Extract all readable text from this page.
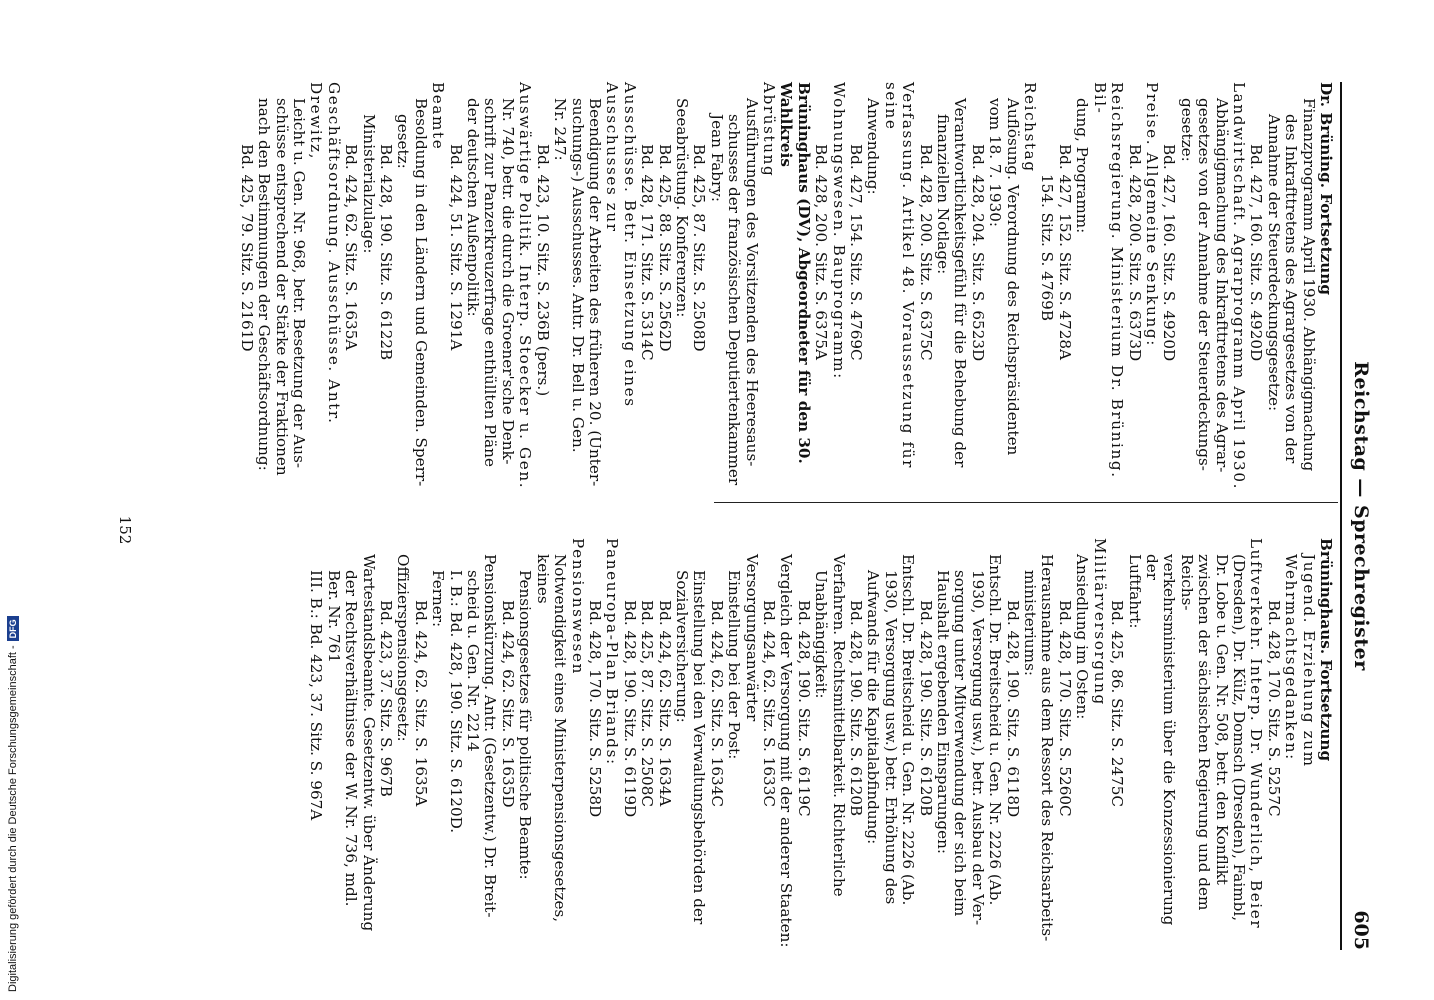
Digitalisierung gefördert durch die Deutsche Forschungsgemeinschaft -DFG	Reichstag — Sprechregister
605

Dr. Brüning. Fortsetzung

Finanzprogramm April 1930. Abhängigmachung

des Inkrafttretens des Agrargesetzes von der

Annahme der Steuerdeckungsgesetze:

Bd. 427, 160. Sitz. S. 4920D

Landwirtschaft. Agrarprogramm April 1930.

Abhängigmachung des Inkrafttretens des Agrar-

gesetzes von der Annahme der Steuerdeckungs-

gesetze:

Bd. 427, 160. Sitz. S. 4920D

Preise. Allgemeine Senkung:

Bd. 428, 200. Sitz. S. 6373D

Reichsregierung. Ministerium Dr. Brüning. Bil-

dung, Programm:

Bd. 427, 152. Sitz. S. 4728A

154. Sitz. S. 4769B

Reichstag

Auflösung. Verordnung des Reichspräsidenten

vom 18. 7. 1930:

Bd. 428, 204. Sitz. S. 6523D

Verantwortlichkeitsgefühl für die Behebung der

finanziellen Notlage:

Bd. 428, 200. Sitz. S. 6375C

Verfassung. Artikel 48. Voraussetzung für seine

Anwendung:

Bd. 427, 154. Sitz. S. 4769C

Wohnungswesen. Bauprogramm:

Bd. 428, 200. Sitz. S. 6375A

Brüninghaus (DV), Abgeordneter für den 30. Wahlkreis

Abrüstung

Ausführungen des Vorsitzenden des Heeresaus-

schusses der französischen Deputiertenkammer

Jean Fabry:

Bd. 425, 87. Sitz. S. 2508D

Seeabrüstung. Konferenzen:

Bd. 425, 88. Sitz. S. 2562D

Bd. 428, 171. Sitz. S. 5314C

Ausschüsse. Betr. Einsetzung eines Ausschusses zur

Beendigung der Arbeiten des früheren 20. (Unter-

suchungs-) Ausschusses. Antr. Dr. Bell u. Gen.

Nr. 247:

Bd. 423, 10. Sitz. S. 236B (pers.)

Auswärtige Politik. Interp. Stoecker u. Gen.

Nr. 740, betr. die durch die Groener'sche Denk-

schrift zur Panzerkreuzerfrage enthüllten Pläne

der deutschen Außenpolitik:

Bd. 424, 51. Sitz. S. 1291A

Beamte

Besoldung in den Ländern und Gemeinden. Sperr-

gesetz:

Bd. 428, 190. Sitz. S. 6122B

Ministerialzulage:

Bd. 424, 62. Sitz. S. 1635A

Geschäftsordnung. Ausschüsse. Antr. Drewitz,

Leicht u. Gen. Nr. 968, betr. Besetzung der Aus-

schüsse entsprechend der Stärke der Fraktionen

nach den Bestimmungen der Geschäftsordnung:

Bd. 425, 79. Sitz. S. 2161D

Brüninghaus. Fortsetzung

Jugend. Erziehung zum Wehrmachtsgedanken:

Bd. 428, 170. Sitz. S. 5257C

Luftverkehr. Interp. Dr. Wunderlich, Beier

(Dresden), Dr. Külz, Domsch (Dresden), Faimbl,

Dr. Lobe u. Gen. Nr. 508, betr. den Konflikt

zwischen der sächsischen Regierung und dem Reichs-

verkehrsministerium über die Konzessionierung der

Luftfahrt:

Bd. 425, 86. Sitz. S. 2475C

Militärversorgung

Ansiedlung im Osten:

Bd. 428, 170. Sitz. S. 5260C

Herausnahme aus dem Ressort des Reichsarbeits-

ministeriums:

Bd. 428, 190. Sitz. S. 6118D

Entschl. Dr. Breitscheid u. Gen. Nr. 2226 (Ab.

1930, Versorgung usw.), betr. Ausbau der Ver-

sorgung unter Mitverwendung der sich beim

Haushalt ergebenden Einsparungen:

Bd. 428, 190. Sitz. S. 6120B

Entschl. Dr. Breitscheid u. Gen. Nr. 2226 (Ab.

1930, Versorgung usw.) betr. Erhöhung des

Aufwands für die Kapitalabfindung:

Bd. 428, 190. Sitz. S. 6120B

Verfahren. Rechtsmittelbarkeit. Richterliche

Unabhängigkeit:

Bd. 428, 190. Sitz. S. 6119C

Vergleich der Versorgung mit der anderer Staaten:

Bd. 424, 62. Sitz. S. 1633C

Versorgungsanwärter

Einstellung bei der Post:

Bd. 424, 62. Sitz. S. 1634C

Einstellung bei den Verwaltungsbehörden der

Sozialversicherung:

Bd. 424, 62. Sitz. S. 1634A

Bd. 425, 87. Sitz. S. 2508C

Bd. 428, 190. Sitz. S. 6119D

Paneuropa-Plan Briands:

Bd. 428, 170. Sitz. S. 5258D

Pensionswesen

Notwendigkeit eines Ministerpensionsgesetzes, keines

Pensionsgesetzes für politische Beamte:

Bd. 424, 62. Sitz. S. 1635D

Pensionskürzung. Antr. (Gesetzentw.) Dr. Breit-

scheid u. Gen. Nr. 2214

I. B.: Bd. 428, 190. Sitz. S. 6120D.

Ferner:

Bd. 424, 62. Sitz. S. 1635A

Offizierspensionsgesetz:

Bd. 423, 37. Sitz. S. 967B

Wartestandsbeamte. Gesetzentw. über Änderung

der Rechtsverhältnisse der W. Nr. 736, mdl.

Ber. Nr. 761

III. B.: Bd. 423, 37. Sitz. S. 967A

152
